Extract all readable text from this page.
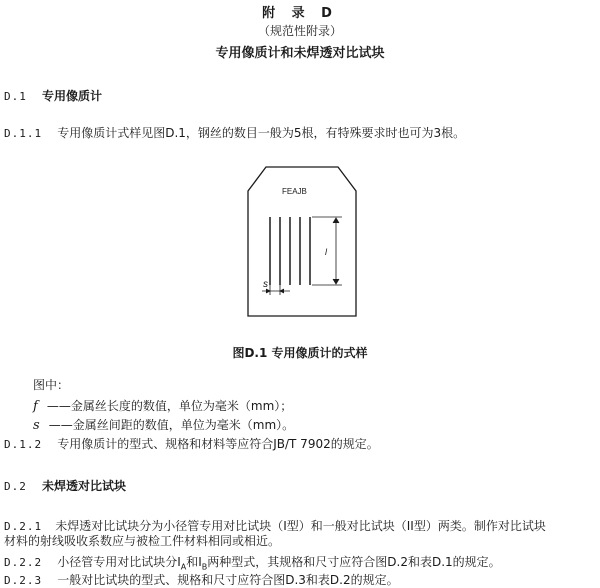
附 录 D
（规范性附录）
专用像质计和未焊透对比试块
D.1 专用像质计
D.1.1 专用像质计式样见图D.1，钢丝的数目一般为5根，有特殊要求时也可为3根。
FEAJB
l
s
图D.1 专用像质计的式样
图中：
f ——金属丝长度的数值，单位为毫米（mm）；
s ——金属丝间距的数值，单位为毫米（mm）。
D.1.2 专用像质计的型式、规格和材料等应符合JB/T 7902的规定。
D.2 未焊透对比试块
D.2.1 未焊透对比试块分为小径管专用对比试块（I型）和一般对比试块（II型）两类。制作对比试块
材料的射线吸收系数应与被检工件材料相同或相近。
D.2.2 小径管专用对比试块分$Ⅰ_A$和$Ⅰ_B$两种型式，其规格和尺寸应符合图D.2和表D.1的规定。
D.2.3 一般对比试块的型式、规格和尺寸应符合图D.3和表D.2的规定。
